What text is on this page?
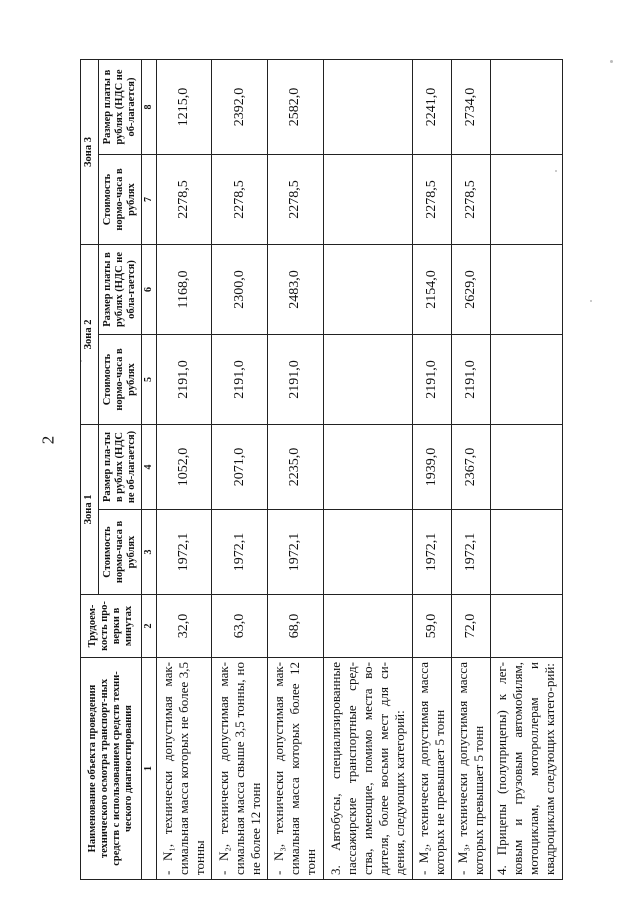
2
Наименование объекта проведения технического осмотра транспорт-ных средств с использованием средств техни-ческого диагностирования	Трудоем-кость про-верки в минутах	Зона 1		Зона 2		Зона 3	
		Стоимость нормо-часа в рублях	Размер пла-ты в рублях (НДС не об-лагается)	Стоимость нормо-часа в рублях	Размер платы в рублях (НДС не обла-гается)	Стоимость нормо-часа в рублях	Размер платы в рублях (НДС не об-лагается)
1	2	3	4	5	6	7	8
- N₁, технически допустимая мак-симальная масса которых не более 3,5 тонны	32,0	1972,1	1052,0	2191,0	1168,0	2278,5	1215,0
- N₂, технически допустимая мак-симальная масса свыше 3,5 тонны, но не более 12 тонн	63,0	1972,1	2071,0	2191,0	2300,0	2278,5	2392,0
- N₃, технически допустимая мак-симальная масса которых более 12 тонн	68,0	1972,1	2235,0	2191,0	2483,0	2278,5	2582,0
3. Автобусы, специализированные пассажирские транспортные сред-ства, имеющие, помимо места во-дителя, более восьми мест для си-дения, следующих категорий:							
- M₂, технически допустимая масса которых не превышает 5 тонн	59,0	1972,1	1939,0	2191,0	2154,0	2278,5	2241,0
- M₃, технически допустимая масса которых превышает 5 тонн	72,0	1972,1	2367,0	2191,0	2629,0	2278,5	2734,0
4. Прицепы (полуприцепы) к лег-ковым и грузовым автомобилям, мотоциклам, мотороллерам и квадроциклам следующих катего-рий:							
